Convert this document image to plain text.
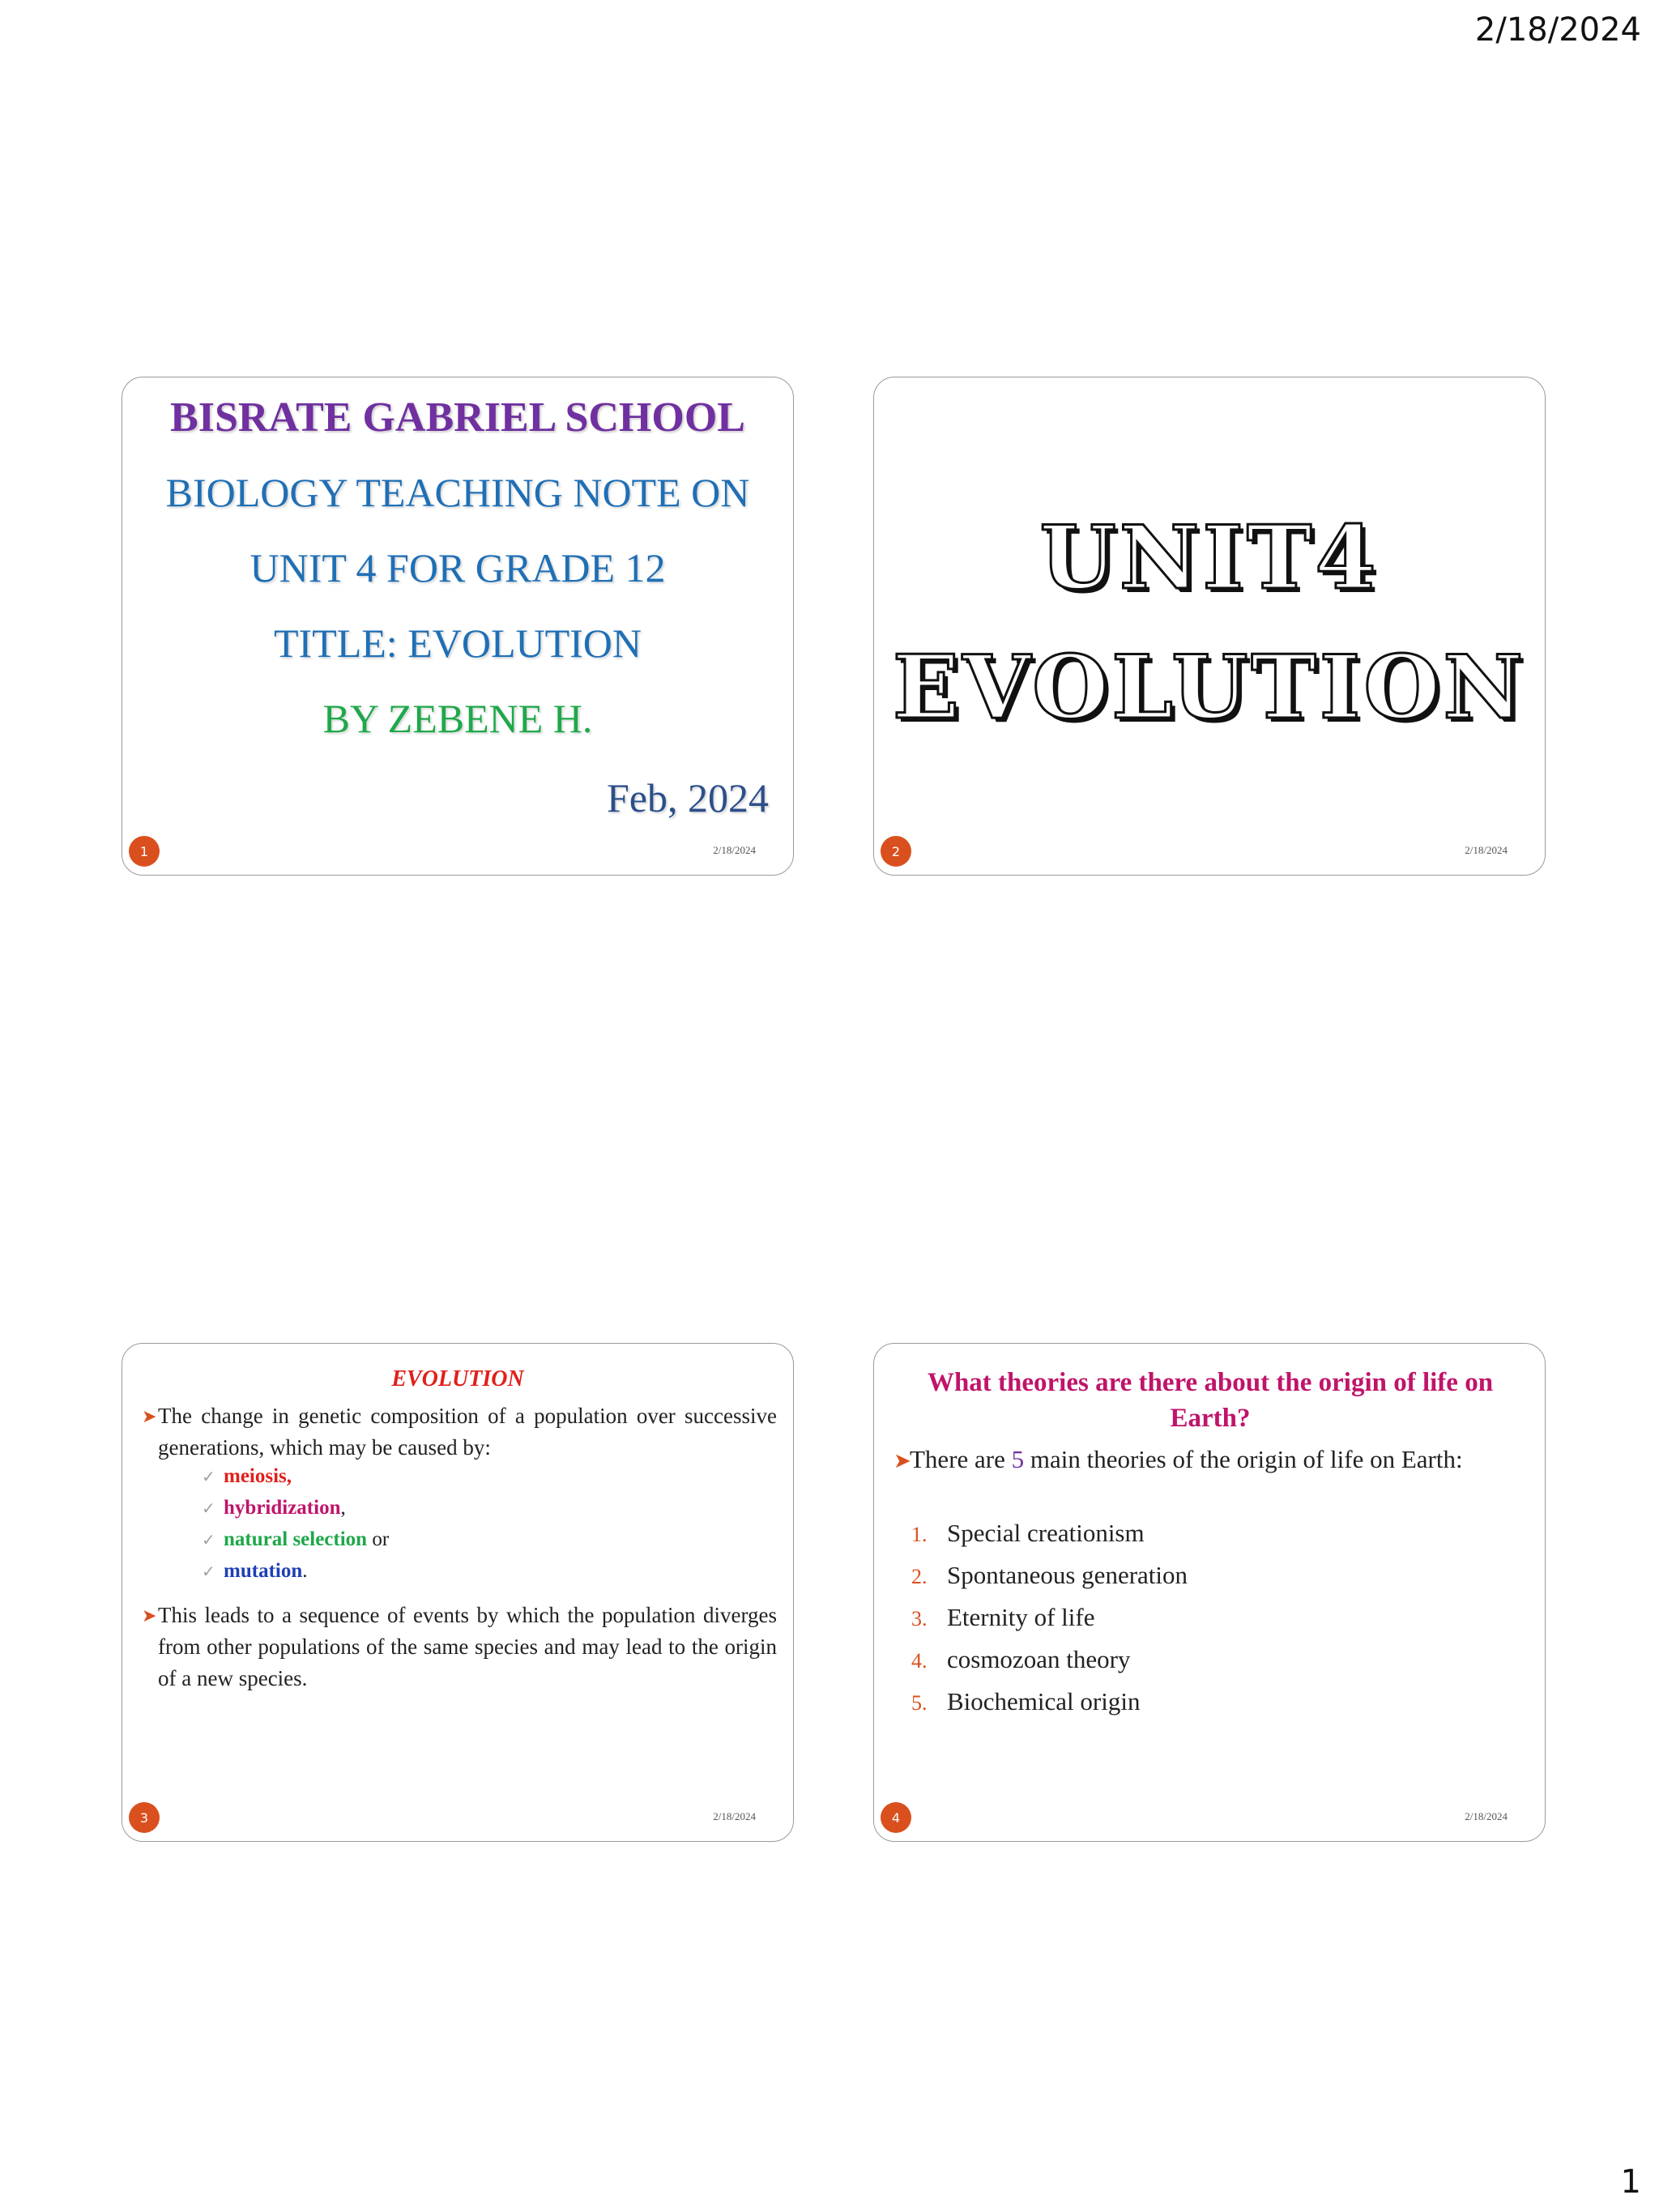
2/18/2024
BISRATE GABRIEL SCHOOL
BIOLOGY TEACHING NOTE ON
UNIT 4 FOR GRADE 12
TITLE: EVOLUTION
BY ZEBENE H.
Feb, 2024
1	2/18/2024
UNIT4
EVOLUTION
2	2/18/2024
EVOLUTION
➤ The change in genetic composition of a population over successive generations, which may be caused by:
✓ meiosis,
✓ hybridization,
✓ natural selection or
✓ mutation.
➤ This leads to a sequence of events by which the population diverges from other populations of the same species and may lead to the origin of a new species.
3	2/18/2024
What theories are there about the origin of life on Earth?
➤
There are 5 main theories of the origin of life on Earth:
1. Special creationism
2. Spontaneous generation
3. Eternity of life
4. cosmozoan theory
5. Biochemical origin
4	2/18/2024
1
